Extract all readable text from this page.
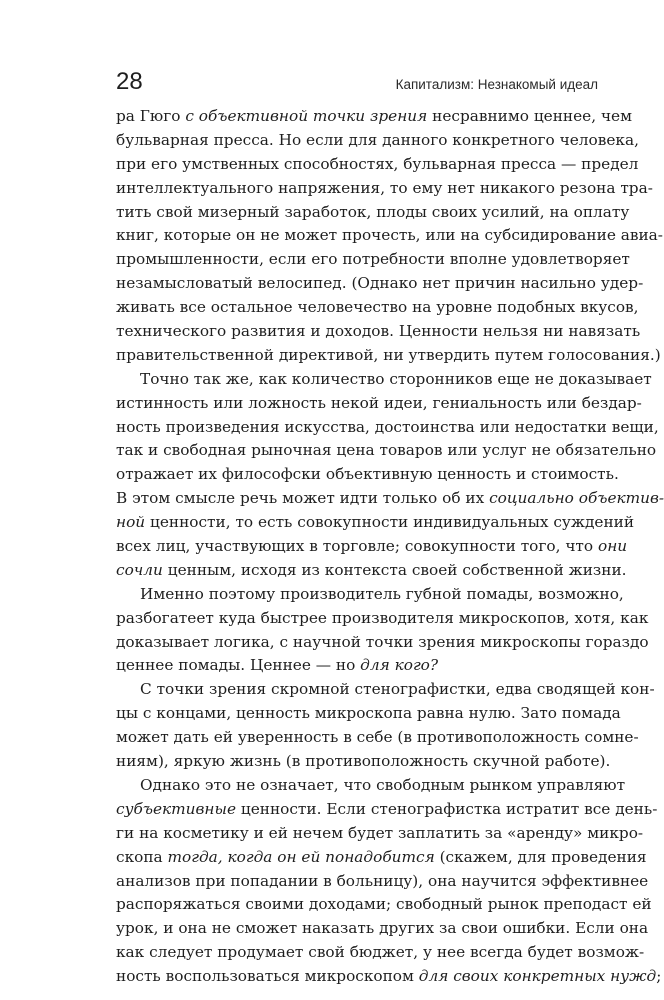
28	Капитализм: Незнакомый идеал
ра Гюго с объективной точки зрения несравнимо ценнее, чем
бульварная пресса. Но если для данного конкретного человека,
при его умственных способностях, бульварная пресса — предел
интеллектуального напряжения, то ему нет никакого резона тра-
тить свой мизерный заработок, плоды своих усилий, на оплату
книг, которые он не может прочесть, или на субсидирование авиа-
промышленности, если его потребности вполне удовлетворяет
незамысловатый велосипед. (Однако нет причин насильно удер-
живать все остальное человечество на уровне подобных вкусов,
технического развития и доходов. Ценности нельзя ни навязать
правительственной директивой, ни утвердить путем голосования.)
Точно так же, как количество сторонников еще не доказывает
истинность или ложность некой идеи, гениальность или бездар-
ность произведения искусства, достоинства или недостатки вещи,
так и свободная рыночная цена товаров или услуг не обязательно
отражает их философски объективную ценность и стоимость.
В этом смысле речь может идти только об их социально объектив-
ной ценности, то есть совокупности индивидуальных суждений
всех лиц, участвующих в торговле; совокупности того, что они
сочли ценным, исходя из контекста своей собственной жизни.
Именно поэтому производитель губной помады, возможно,
разбогатеет куда быстрее производителя микроскопов, хотя, как
доказывает логика, с научной точки зрения микроскопы гораздо
ценнее помады. Ценнее — но для кого?
С точки зрения скромной стенографистки, едва сводящей кон-
цы с концами, ценность микроскопа равна нулю. Зато помада
может дать ей уверенность в себе (в противоположность сомне-
ниям), яркую жизнь (в противоположность скучной работе).
Однако это не означает, что свободным рынком управляют
субъективные ценности. Если стенографистка истратит все день-
ги на косметику и ей нечем будет заплатить за «аренду» микро-
скопа тогда, когда он ей понадобится (скажем, для проведения
анализов при попадании в больницу), она научится эффективнее
распоряжаться своими доходами; свободный рынок преподаст ей
урок, и она не сможет наказать других за свои ошибки. Если она
как следует продумает свой бюджет, у нее всегда будет возмож-
ность воспользоваться микроскопом для своих конкретных нужд;
